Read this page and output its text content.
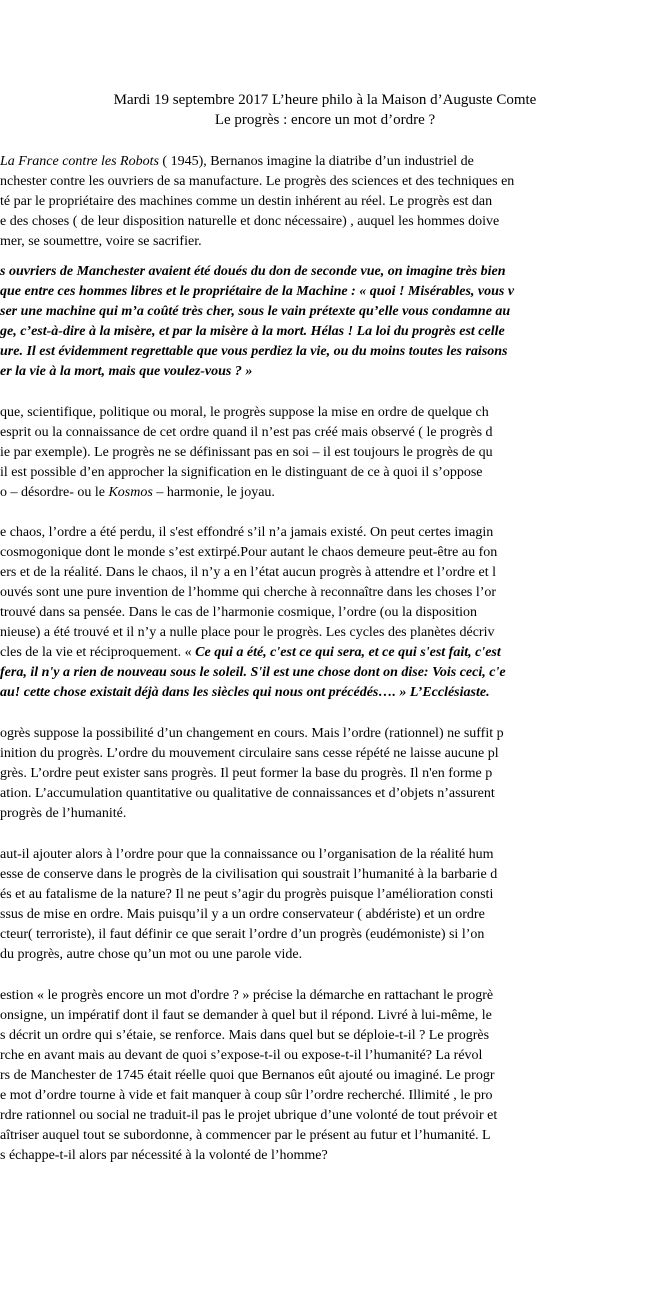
Mardi 19 septembre 2017 L’heure philo à la Maison d’Auguste Comte
Le progrès : encore un mot d’ordre ?
La France contre les Robots ( 1945), Bernanos imagine la diatribe d’un industriel de
nchester contre les ouvriers de sa manufacture. Le progrès des sciences et des techniques en
té par le propriétaire des machines comme un destin inhérent au réel. Le progrès est dan
e des choses ( de leur disposition naturelle et donc nécessaire) , auquel les hommes doive
mer, se soumettre, voire se sacrifier.
s ouvriers de Manchester avaient été doués du don de seconde vue, on imagine très bien
que entre ces hommes libres et le propriétaire de la Machine : « quoi ! Misérables, vous v
ser une machine qui m’a coûté très cher, sous le vain prétexte qu’elle vous condamne au
ge, c’est-à-dire à la misère, et par la misère à la mort. Hélas ! La loi du progrès est celle
ure. Il est évidemment regrettable que vous perdiez la vie, ou du moins toutes les raisons
er la vie à la mort, mais que voulez-vous ? »
que, scientifique, politique ou moral, le progrès suppose la mise en ordre de quelque ch
esprit ou la connaissance de cet ordre quand il n’est pas créé mais observé ( le progrès d
ie par exemple). Le progrès ne se définissant pas en soi – il est toujours le progrès de qu
il est possible d’en approcher la signification en le distinguant de ce à quoi il s’oppose
o – désordre- ou le Kosmos – harmonie, le joyau.
e chaos, l’ordre a été perdu, il s'est effondré s’il n’a jamais existé. On peut certes imagin
cosmogonique dont le monde s’est extirpé.Pour autant le chaos demeure peut-être au fon
ers et de la réalité. Dans le chaos, il n’y a en l’état aucun progrès à attendre et l’ordre et l
ouvés sont une pure invention de l’homme qui cherche à reconnaître dans les choses l’or
trouvé dans sa pensée. Dans le cas de l’harmonie cosmique, l’ordre (ou la disposition
nieuse) a été trouvé et il n’y a nulle place pour le progrès. Les cycles des planètes décriv
cles de la vie et réciproquement. « Ce qui a été, c'est ce qui sera, et ce qui s'est fait, c'est
fera, il n'y a rien de nouveau sous le soleil. S'il est une chose dont on dise: Vois ceci, c'e
au! cette chose existait déjà dans les siècles qui nous ont précédés…. » L’Ecclésiaste.
ogrès suppose la possibilité d’un changement en cours. Mais l’ordre (rationnel) ne suffit p
inition du progrès. L’ordre du mouvement circulaire sans cesse répété ne laisse aucune pl
grès. L’ordre peut exister sans progrès. Il peut former la base du progrès. Il n'en forme p
ation. L’accumulation quantitative ou qualitative de connaissances et d’objets n’assurent
progrès de l’humanité.
aut-il ajouter alors à l’ordre pour que la connaissance ou l’organisation de la réalité hum
esse de conserve dans le progrès de la civilisation qui soustrait l’humanité à la barbarie d
és et au fatalisme de la nature? Il ne peut s’agir du progrès puisque l’amélioration consti
ssus de mise en ordre. Mais puisqu’il y a un ordre conservateur ( abdériste) et un ordre
cteur( terroriste), il faut définir ce que serait l’ordre d’un progrès (eudémoniste) si l’on
du progrès, autre chose qu’un mot ou une parole vide.
estion « le progrès encore un mot d'ordre ? » précise la démarche en rattachant le progrè
onsigne, un impératif dont il faut se demander à quel but il répond. Livré à lui-même, le
s décrit un ordre qui s’étaie, se renforce. Mais dans quel but se déploie-t-il ? Le progrès
rche en avant mais au devant de quoi s’expose-t-il ou expose-t-il l’humanité? La révol
rs de Manchester de 1745 était réelle quoi que Bernanos eût ajouté ou imaginé. Le progr
e mot d’ordre tourne à vide et fait manquer à coup sûr l’ordre recherché. Illimité , le pro
rdre rationnel ou social ne traduit-il pas le projet ubrique d’une volonté de tout prévoir et
aîtriser auquel tout se subordonne, à commencer par le présent au futur et l’humanité. L
s échappe-t-il alors par nécessité à la volonté de l’homme?
